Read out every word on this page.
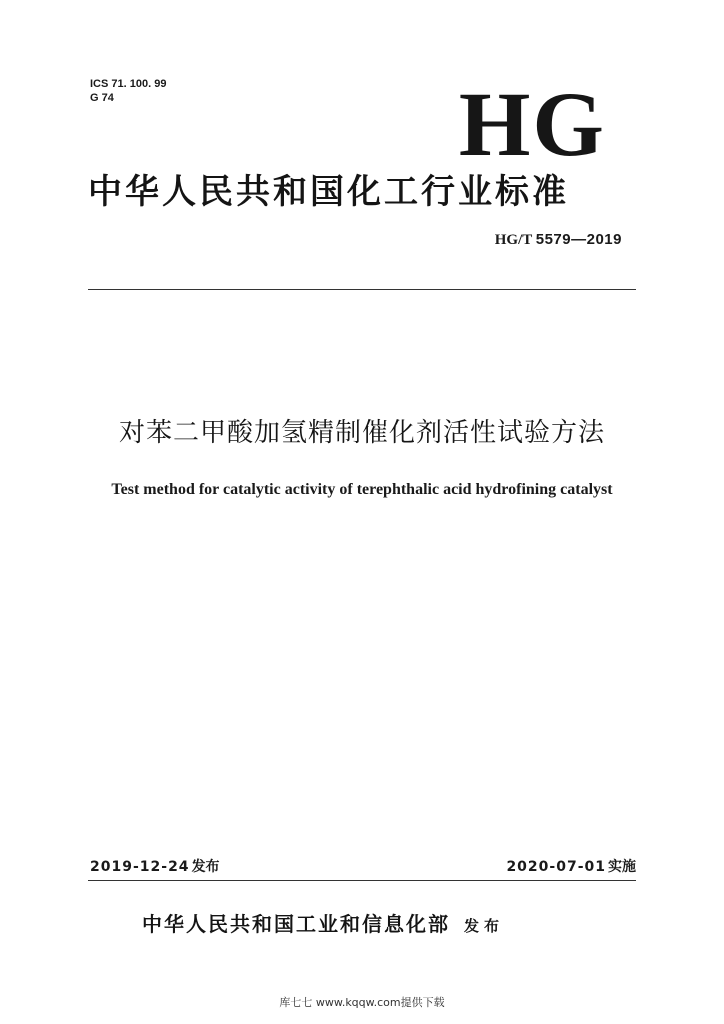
ICS 71. 100. 99
G 74	HG
中华人民共和国化工行业标准
HG/T 5579—2019
对苯二甲酸加氢精制催化剂活性试验方法
Test method for catalytic activity of terephthalic acid hydrofining catalyst
2019-12-24 发布	2020-07-01 实施
中华人民共和国工业和信息化部 发布
库七七 www.kqqw.com提供下载
